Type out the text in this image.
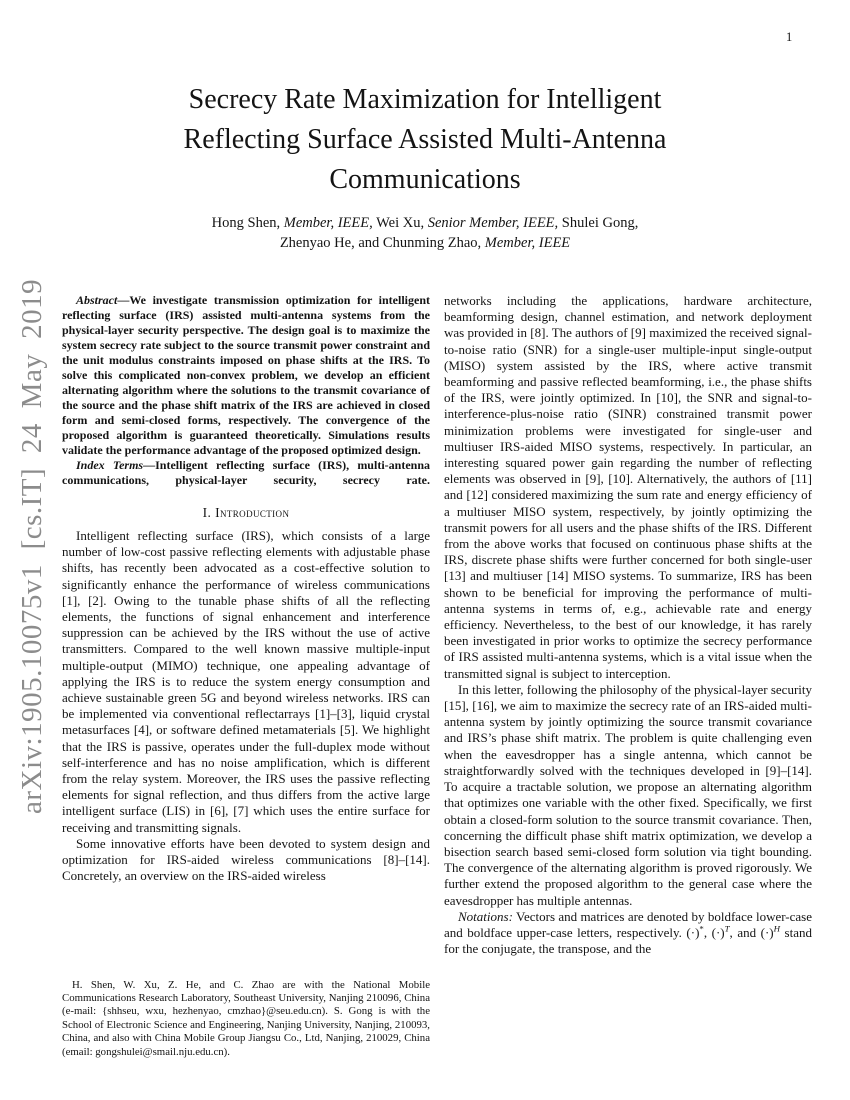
1
arXiv:1905.10075v1 [cs.IT] 24 May 2019
Secrecy Rate Maximization for Intelligent
Reflecting Surface Assisted Multi-Antenna
Communications
Hong Shen, Member, IEEE, Wei Xu, Senior Member, IEEE, Shulei Gong,
Zhenyao He, and Chunming Zhao, Member, IEEE

Abstract—We investigate transmission optimization for intelligent reflecting surface (IRS) assisted multi-antenna systems from the physical-layer security perspective. The design goal is to maximize the system secrecy rate subject to the source transmit power constraint and the unit modulus constraints imposed on phase shifts at the IRS. To solve this complicated non-convex problem, we develop an efficient alternating algorithm where the solutions to the transmit covariance of the source and the phase shift matrix of the IRS are achieved in closed form and semi-closed forms, respectively. The convergence of the proposed algorithm is guaranteed theoretically. Simulations results validate the performance advantage of the proposed optimized design.

Index Terms—Intelligent reflecting surface (IRS), multi-antenna communications, physical-layer security, secrecy rate.

I. Introduction

Intelligent reflecting surface (IRS), which consists of a large number of low-cost passive reflecting elements with adjustable phase shifts, has recently been advocated as a cost-effective solution to significantly enhance the performance of wireless communications [1], [2]. Owing to the tunable phase shifts of all the reflecting elements, the functions of signal enhancement and interference suppression can be achieved by the IRS without the use of active transmitters. Compared to the well known massive multiple-input multiple-output (MIMO) technique, one appealing advantage of applying the IRS is to reduce the system energy consumption and achieve sustainable green 5G and beyond wireless networks. IRS can be implemented via conventional reflectarrays [1]–[3], liquid crystal metasurfaces [4], or software defined metamaterials [5]. We highlight that the IRS is passive, operates under the full-duplex mode without self-interference and has no noise amplification, which is different from the relay system. Moreover, the IRS uses the passive reflecting elements for signal reflection, and thus differs from the active large intelligent surface (LIS) in [6], [7] which uses the entire surface for receiving and transmitting signals.

Some innovative efforts have been devoted to system design and optimization for IRS-aided wireless communications [8]–[14]. Concretely, an overview on the IRS-aided wireless

H. Shen, W. Xu, Z. He, and C. Zhao are with the National Mobile Communications Research Laboratory, Southeast University, Nanjing 210096, China (e-mail: {shhseu, wxu, hezhenyao, cmzhao}@seu.edu.cn). S. Gong is with the School of Electronic Science and Engineering, Nanjing University, Nanjing, 210093, China, and also with China Mobile Group Jiangsu Co., Ltd, Nanjing, 210029, China (email: gongshulei@smail.nju.edu.cn).

networks including the applications, hardware architecture, beamforming design, channel estimation, and network deployment was provided in [8]. The authors of [9] maximized the received signal-to-noise ratio (SNR) for a single-user multiple-input single-output (MISO) system assisted by the IRS, where active transmit beamforming and passive reflected beamforming, i.e., the phase shifts of the IRS, were jointly optimized. In [10], the SNR and signal-to-interference-plus-noise ratio (SINR) constrained transmit power minimization problems were investigated for single-user and multiuser IRS-aided MISO systems, respectively. In particular, an interesting squared power gain regarding the number of reflecting elements was observed in [9], [10]. Alternatively, the authors of [11] and [12] considered maximizing the sum rate and energy efficiency of a multiuser MISO system, respectively, by jointly optimizing the transmit powers for all users and the phase shifts of the IRS. Different from the above works that focused on continuous phase shifts at the IRS, discrete phase shifts were further concerned for both single-user [13] and multiuser [14] MISO systems. To summarize, IRS has been shown to be beneficial for improving the performance of multi-antenna systems in terms of, e.g., achievable rate and energy efficiency. Nevertheless, to the best of our knowledge, it has rarely been investigated in prior works to optimize the secrecy performance of IRS assisted multi-antenna systems, which is a vital issue when the transmitted signal is subject to interception.

In this letter, following the philosophy of the physical-layer security [15], [16], we aim to maximize the secrecy rate of an IRS-aided multi-antenna system by jointly optimizing the source transmit covariance and IRS’s phase shift matrix. The problem is quite challenging even when the eavesdropper has a single antenna, which cannot be straightforwardly solved with the techniques developed in [9]–[14]. To acquire a tractable solution, we propose an alternating algorithm that optimizes one variable with the other fixed. Specifically, we first obtain a closed-form solution to the source transmit covariance. Then, concerning the difficult phase shift matrix optimization, we develop a bisection search based semi-closed form solution via tight bounding. The convergence of the alternating algorithm is proved rigorously. We further extend the proposed algorithm to the general case where the eavesdropper has multiple antennas.

Notations: Vectors and matrices are denoted by boldface lower-case and boldface upper-case letters, respectively. (·)*, $(\cdot)^T$, and $(\cdot)^H$ stand for the conjugate, the transpose, and the
